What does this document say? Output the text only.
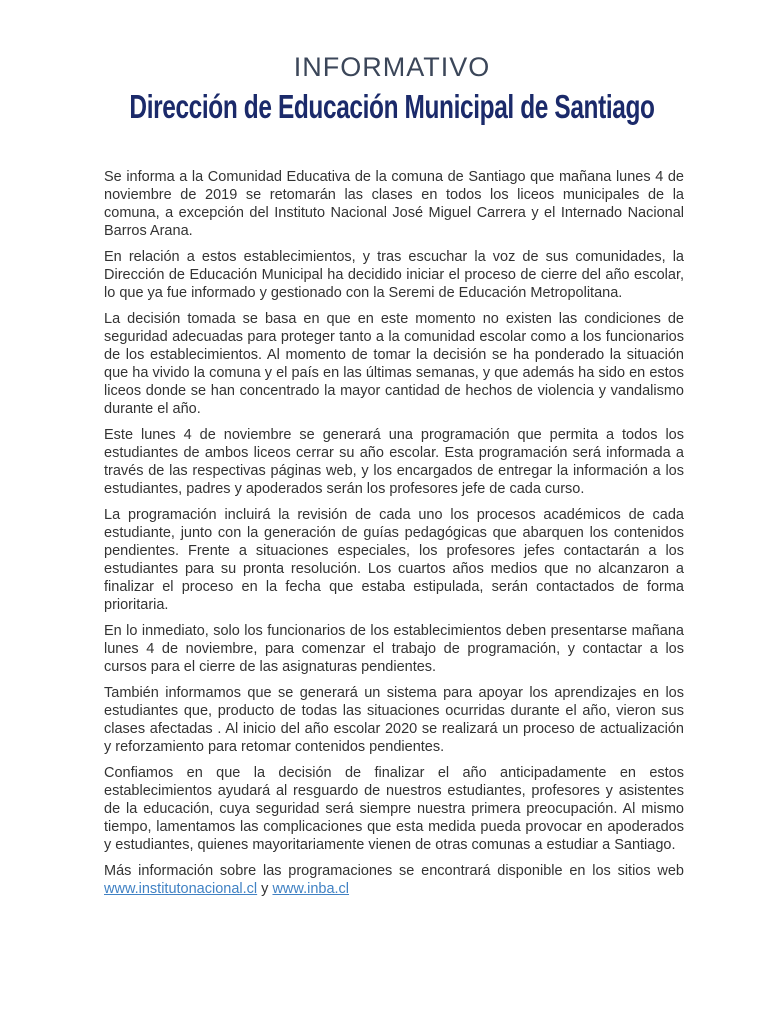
INFORMATIVO
Dirección de Educación Municipal de Santiago

Se informa a la Comunidad Educativa de la comuna de Santiago que mañana lunes 4 de noviembre de 2019 se retomarán las clases en todos los liceos municipales de la comuna, a excepción del Instituto Nacional José Miguel Carrera y el Internado Nacional Barros Arana.

En relación a estos establecimientos, y tras escuchar la voz de sus comunidades, la Dirección de Educación Municipal ha decidido iniciar el proceso de cierre del año escolar, lo que ya fue informado y gestionado con la Seremi de Educación Metropolitana.

La decisión tomada se basa en que en este momento no existen las condiciones de seguridad adecuadas para proteger tanto a la comunidad escolar como a los funcionarios de los establecimientos. Al momento de tomar la decisión se ha ponderado la situación que ha vivido la comuna y el país en las últimas semanas, y que además ha sido en estos liceos donde se han concentrado la mayor cantidad de hechos de violencia y vandalismo durante el año.

Este lunes 4 de noviembre se generará una programación que permita a todos los estudiantes de ambos liceos cerrar su año escolar. Esta programación será informada a través de las respectivas páginas web, y los encargados de entregar la información a los estudiantes, padres y apoderados serán los profesores jefe de cada curso.

La programación incluirá la revisión de cada uno los procesos académicos de cada estudiante, junto con la generación de guías pedagógicas que abarquen los contenidos pendientes. Frente a situaciones especiales, los profesores jefes contactarán a los estudiantes para su pronta resolución. Los cuartos años medios que no alcanzaron a finalizar el proceso en la fecha que estaba estipulada, serán contactados de forma prioritaria.

En lo inmediato, solo los funcionarios de los establecimientos deben presentarse mañana lunes 4 de noviembre, para comenzar el trabajo de programación, y contactar a los cursos para el cierre de las asignaturas pendientes.

También informamos que se generará un sistema para apoyar los aprendizajes en los estudiantes que, producto de todas las situaciones ocurridas durante el año, vieron sus clases afectadas . Al inicio del año escolar 2020 se realizará un proceso de actualización y reforzamiento para retomar contenidos pendientes.

Confiamos en que la decisión de finalizar el año anticipadamente en estos establecimientos ayudará al resguardo de nuestros estudiantes, profesores y asistentes de la educación, cuya seguridad será siempre nuestra primera preocupación. Al mismo tiempo, lamentamos las complicaciones que esta medida pueda provocar en apoderados y estudiantes, quienes mayoritariamente vienen de otras comunas a estudiar a Santiago.

Más información sobre las programaciones se encontrará disponible en los sitios web www.institutonacional.cl y www.inba.cl
